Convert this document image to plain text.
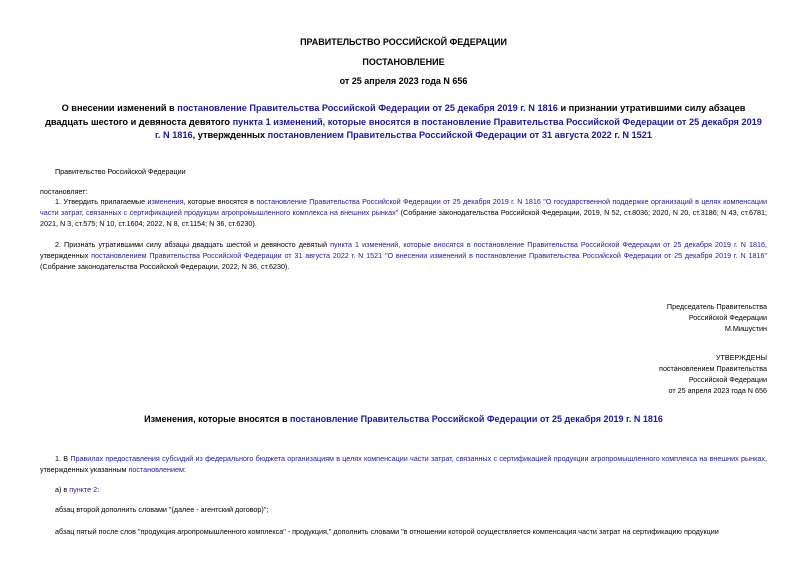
ПРАВИТЕЛЬСТВО РОССИЙСКОЙ ФЕДЕРАЦИИ
ПОСТАНОВЛЕНИЕ
от 25 апреля 2023 года N 656
О внесении изменений в постановление Правительства Российской Федерации от 25 декабря 2019 г. N 1816 и признании утратившими силу абзацев двадцать шестого и девяноста девятого пункта 1 изменений, которые вносятся в постановление Правительства Российской Федерации от 25 декабря 2019 г. N 1816, утвержденных постановлением Правительства Российской Федерации от 31 августа 2022 г. N 1521
Правительство Российской Федерации
постановляет:
1. Утвердить прилагаемые изменения, которые вносятся в постановление Правительства Российской Федерации от 25 декабря 2019 г. N 1816 "О государственной поддержке организаций в целях компенсации части затрат, связанных с сертификацией продукции агропромышленного комплекса на внешних рынках" (Собрание законодательства Российской Федерации, 2019, N 52, ст.8036; 2020, N 20, ст.3186; N 43, ст.6781; 2021, N 3, ст.575; N 10, ст.1604; 2022, N 8, ст.1154; N 36, ст.6230).
2. Признать утратившими силу абзацы двадцать шестой и девяносто девятый пункта 1 изменений, которые вносятся в постановление Правительства Российской Федерации от 25 декабря 2019 г. N 1816, утвержденных постановлением Правительства Российской Федерации от 31 августа 2022 г. N 1521 "О внесении изменений в постановление Правительства Российской Федерации от 25 декабря 2019 г. N 1816" (Собрание законодательства Российской Федерации, 2022, N 36, ст.6230).
Председатель Правительства
Российской Федерации
М.Мишустин
УТВЕРЖДЕНЫ
постановлением Правительства
Российской Федерации
от 25 апреля 2023 года N 656
Изменения, которые вносятся в постановление Правительства Российской Федерации от 25 декабря 2019 г. N 1816
1. В Правилах предоставления субсидий из федерального бюджета организациям в целях компенсации части затрат, связанных с сертификацией продукции агропромышленного комплекса на внешних рынках, утвержденных указанным постановлением:
а) в пункте 2:
абзац второй дополнить словами "(далее - агентский договор)";
абзац пятый после слов "продукция агропромышленного комплекса" - продукция," дополнить словами "в отношении которой осуществляется компенсация части затрат на сертификацию продукции
